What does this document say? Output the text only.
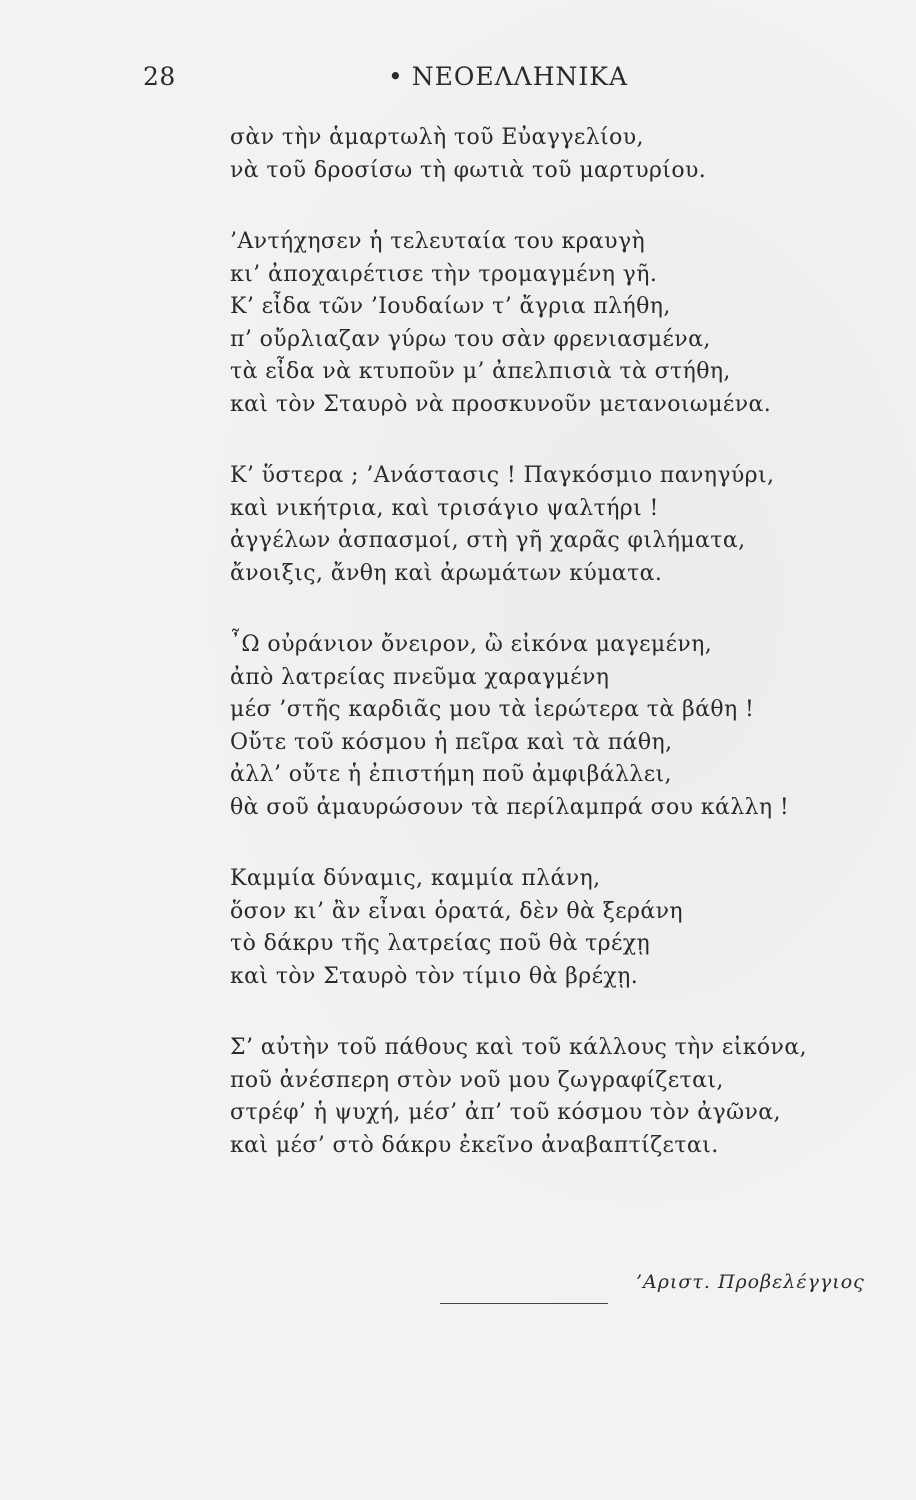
28	• ΝΕΟΕΛΛΗΝΙΚΑ
σὰν τὴν ἁμαρτωλὴ τοῦ Εὐαγγελίου,
νὰ τοῦ δροσίσω τὴ φωτιὰ τοῦ μαρτυρίου.
’Αντήχησεν ἡ τελευταία του κραυγὴ
κι’ ἀποχαιρέτισε τὴν τρομαγμένη γῆ.
Κ’ εἶδα τῶν ’Ιουδαίων τ’ ἄγρια πλήθη,
π’ οὔρλιαζαν γύρω του σὰν φρενιασμένα,
τὰ εἶδα νὰ κτυποῦν μ’ ἀπελπισιὰ τὰ στήθη,
καὶ τὸν Σταυρὸ νὰ προσκυνοῦν μετανοιωμένα.
Κ’ ὕστερα ; ’Ανάστασις ! Παγκόσμιο πανηγύρι,
καὶ νικήτρια, καὶ τρισάγιο ψαλτήρι !
ἀγγέλων ἀσπασμοί, στὴ γῆ χαρᾶς φιλήματα,
ἄνοιξις, ἄνθη καὶ ἀρωμάτων κύματα.
῏Ω οὐράνιον ὄνειρον, ὢ εἰκόνα μαγεμένη,
ἀπὸ λατρείας πνεῦμα χαραγμένη
μέσ ’στῆς καρδιᾶς μου τὰ ἱερώτερα τὰ βάθη !
Οὔτε τοῦ κόσμου ἡ πεῖρα καὶ τὰ πάθη,
ἀλλ’ οὔτε ἡ ἐπιστήμη ποῦ ἀμφιβάλλει,
θὰ σοῦ ἀμαυρώσουν τὰ περίλαμπρά σου κάλλη !
Καμμία δύναμις, καμμία πλάνη,
ὅσον κι’ ἂν εἶναι ὁρατά, δὲν θὰ ξεράνη
τὸ δάκρυ τῆς λατρείας ποῦ θὰ τρέχῃ
καὶ τὸν Σταυρὸ τὸν τίμιο θὰ βρέχῃ.
Σ’ αὐτὴν τοῦ πάθους καὶ τοῦ κάλλους τὴν εἰκόνα,
ποῦ ἀνέσπερη στὸν νοῦ μου ζωγραφίζεται,
στρέφ’ ἡ ψυχή, μέσ’ ἀπ’ τοῦ κόσμου τὸν ἀγῶνα,
καὶ μέσ’ στὸ δάκρυ ἐκεῖνο ἀναβαπτίζεται.
’Αριστ. Προβελέγγιος
